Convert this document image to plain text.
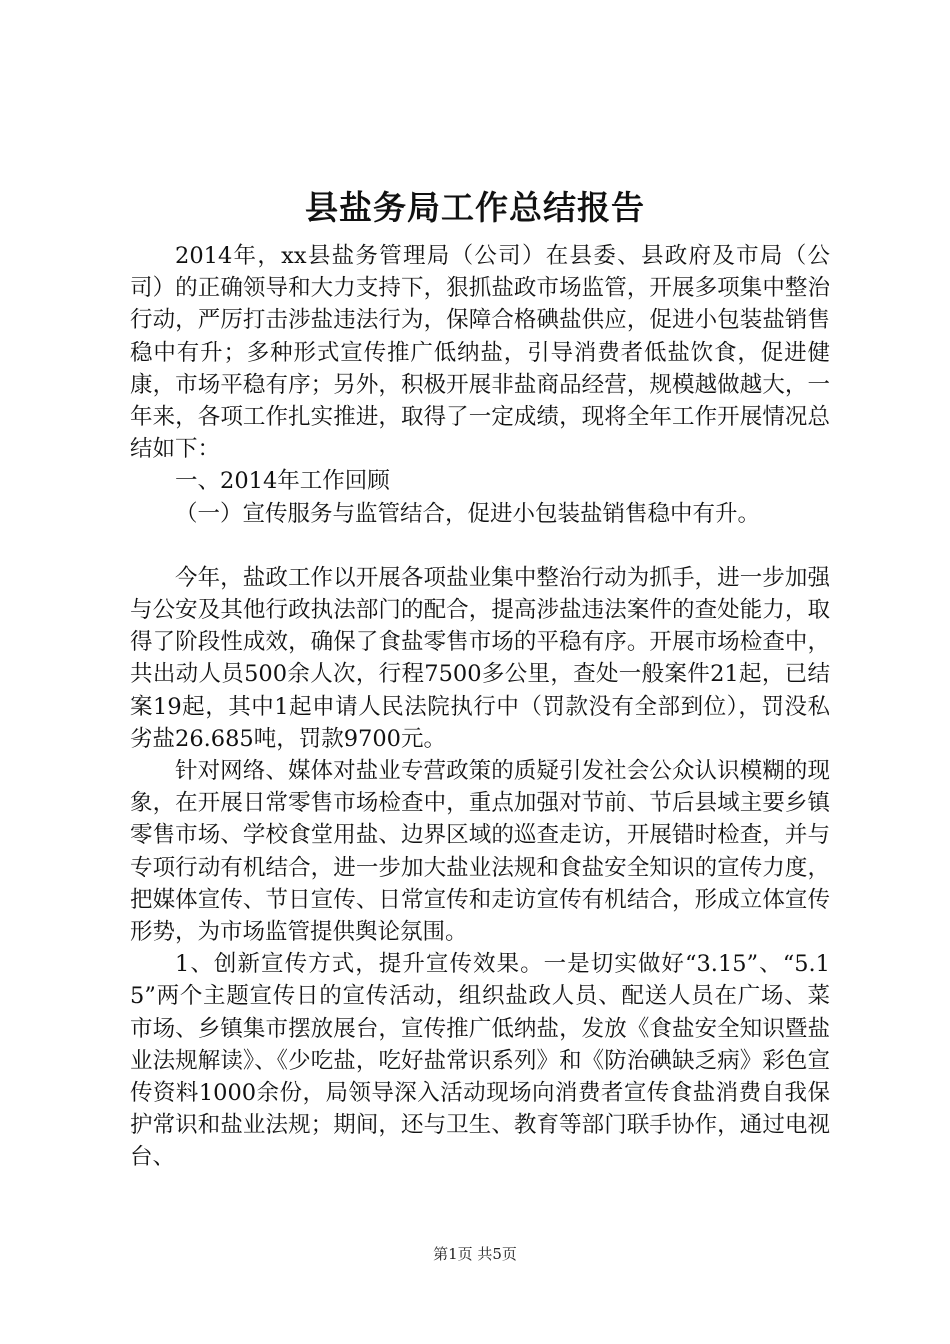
县盐务局工作总结报告

2014年，xx县盐务管理局（公司）在县委、县政府及市局（公司）的正确领导和大力支持下，狠抓盐政市场监管，开展多项集中整治行动，严厉打击涉盐违法行为，保障合格碘盐供应，促进小包装盐销售稳中有升；多种形式宣传推广低纳盐，引导消费者低盐饮食，促进健康，市场平稳有序；另外，积极开展非盐商品经营，规模越做越大，一年来，各项工作扎实推进，取得了一定成绩，现将全年工作开展情况总结如下：

一、2014年工作回顾

（一）宣传服务与监管结合，促进小包装盐销售稳中有升。

今年，盐政工作以开展各项盐业集中整治行动为抓手，进一步加强与公安及其他行政执法部门的配合，提高涉盐违法案件的查处能力，取得了阶段性成效，确保了食盐零售市场的平稳有序。开展市场检查中，共出动人员500余人次，行程7500多公里，查处一般案件21起，已结案19起，其中1起申请人民法院执行中（罚款没有全部到位），罚没私劣盐26.685吨，罚款9700元。

针对网络、媒体对盐业专营政策的质疑引发社会公众认识模糊的现象，在开展日常零售市场检查中，重点加强对节前、节后县域主要乡镇零售市场、学校食堂用盐、边界区域的巡查走访，开展错时检查，并与专项行动有机结合，进一步加大盐业法规和食盐安全知识的宣传力度，把媒体宣传、节日宣传、日常宣传和走访宣传有机结合，形成立体宣传形势，为市场监管提供舆论氛围。

1、创新宣传方式，提升宣传效果。一是切实做好“3.15”、“5.15”两个主题宣传日的宣传活动，组织盐政人员、配送人员在广场、菜市场、乡镇集市摆放展台，宣传推广低纳盐，发放《食盐安全知识暨盐业法规解读》、《少吃盐，吃好盐常识系列》和《防治碘缺乏病》彩色宣传资料1000余份，局领导深入活动现场向消费者宣传食盐消费自我保护常识和盐业法规；期间，还与卫生、教育等部门联手协作，通过电视台、

第1页 共5页
